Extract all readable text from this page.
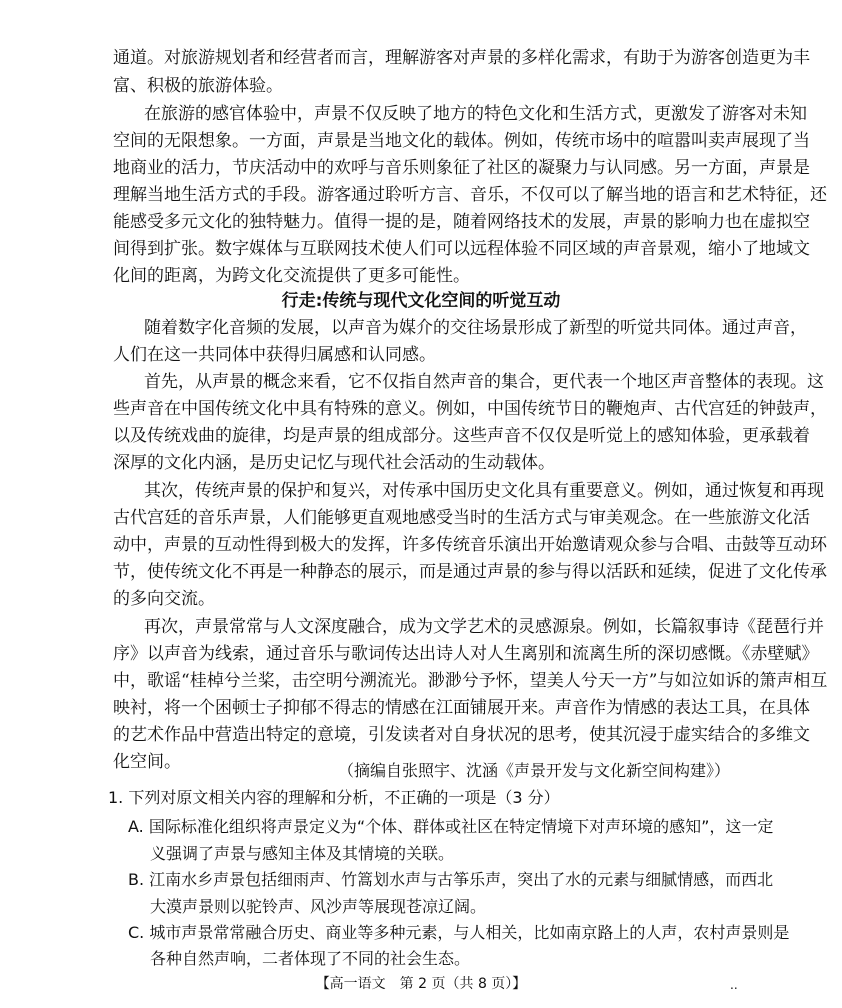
通道。对旅游规划者和经营者而言，理解游客对声景的多样化需求，有助于为游客创造更为丰
富、积极的旅游体验。
在旅游的感官体验中，声景不仅反映了地方的特色文化和生活方式，更激发了游客对未知
空间的无限想象。一方面，声景是当地文化的载体。例如，传统市场中的喧嚣叫卖声展现了当
地商业的活力，节庆活动中的欢呼与音乐则象征了社区的凝聚力与认同感。另一方面，声景是
理解当地生活方式的手段。游客通过聆听方言、音乐，不仅可以了解当地的语言和艺术特征，还
能感受多元文化的独特魅力。值得一提的是，随着网络技术的发展，声景的影响力也在虚拟空
间得到扩张。数字媒体与互联网技术使人们可以远程体验不同区域的声音景观，缩小了地域文
化间的距离，为跨文化交流提供了更多可能性。
行走:传统与现代文化空间的听觉互动
随着数字化音频的发展，以声音为媒介的交往场景形成了新型的听觉共同体。通过声音，
人们在这一共同体中获得归属感和认同感。
首先，从声景的概念来看，它不仅指自然声音的集合，更代表一个地区声音整体的表现。这
些声音在中国传统文化中具有特殊的意义。例如，中国传统节日的鞭炮声、古代宫廷的钟鼓声，
以及传统戏曲的旋律，均是声景的组成部分。这些声音不仅仅是听觉上的感知体验，更承载着
深厚的文化内涵，是历史记忆与现代社会活动的生动载体。
其次，传统声景的保护和复兴，对传承中国历史文化具有重要意义。例如，通过恢复和再现
古代宫廷的音乐声景，人们能够更直观地感受当时的生活方式与审美观念。在一些旅游文化活
动中，声景的互动性得到极大的发挥，许多传统音乐演出开始邀请观众参与合唱、击鼓等互动环
节，使传统文化不再是一种静态的展示，而是通过声景的参与得以活跃和延续，促进了文化传承
的多向交流。
再次，声景常常与人文深度融合，成为文学艺术的灵感源泉。例如，长篇叙事诗《琵琶行并
序》以声音为线索，通过音乐与歌词传达出诗人对人生离别和流离生所的深切感慨。《赤壁赋》
中，歌谣“桂棹兮兰桨，击空明兮溯流光。渺渺兮予怀，望美人兮天一方”与如泣如诉的箫声相互
映衬，将一个困顿士子抑郁不得志的情感在江面铺展开来。声音作为情感的表达工具，在具体
的艺术作品中营造出特定的意境，引发读者对自身状况的思考，使其沉浸于虚实结合的多维文
化空间。	（摘编自张照宇、沈涵《声景开发与文化新空间构建》）
1. 下列对原文相关内容的理解和分析，不正确的一项是（3 分）
A. 国际标准化组织将声景定义为“个体、群体或社区在特定情境下对声环境的感知”，这一定
义强调了声景与感知主体及其情境的关联。
B. 江南水乡声景包括细雨声、竹篙划水声与古筝乐声，突出了水的元素与细腻情感，而西北
大漠声景则以驼铃声、风沙声等展现苍凉辽阔。
C. 城市声景常常融合历史、商业等多种元素，与人相关，比如南京路上的人声，农村声景则是
各种自然声响，二者体现了不同的社会生态。
【高一语文　第 2 页（共 8 页）】	..
